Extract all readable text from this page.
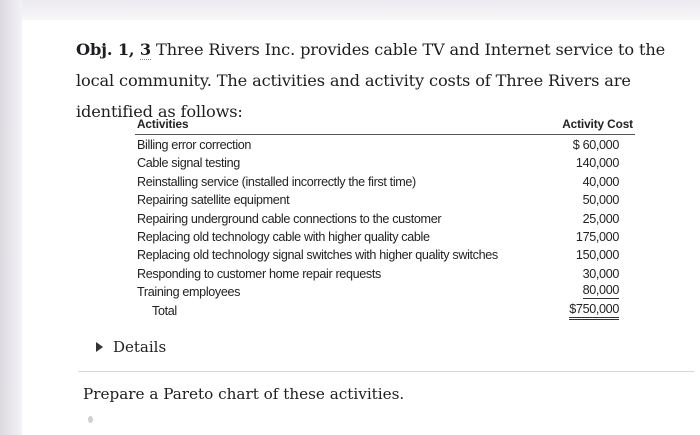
Obj. 1, 3 Three Rivers Inc. provides cable TV and Internet service to the local community. The activities and activity costs of Three Rivers are identified as follows:
Activities	Activity Cost
Billing error correction	$ 60,000
Cable signal testing	140,000
Reinstalling service (installed incorrectly the first time)	40,000
Repairing satellite equipment	50,000
Repairing underground cable connections to the customer	25,000
Replacing old technology cable with higher quality cable	175,000
Replacing old technology signal switches with higher quality switches	150,000
Responding to customer home repair requests	30,000
Training employees	80,000
Total	$750,000
Details
Prepare a Pareto chart of these activities.
